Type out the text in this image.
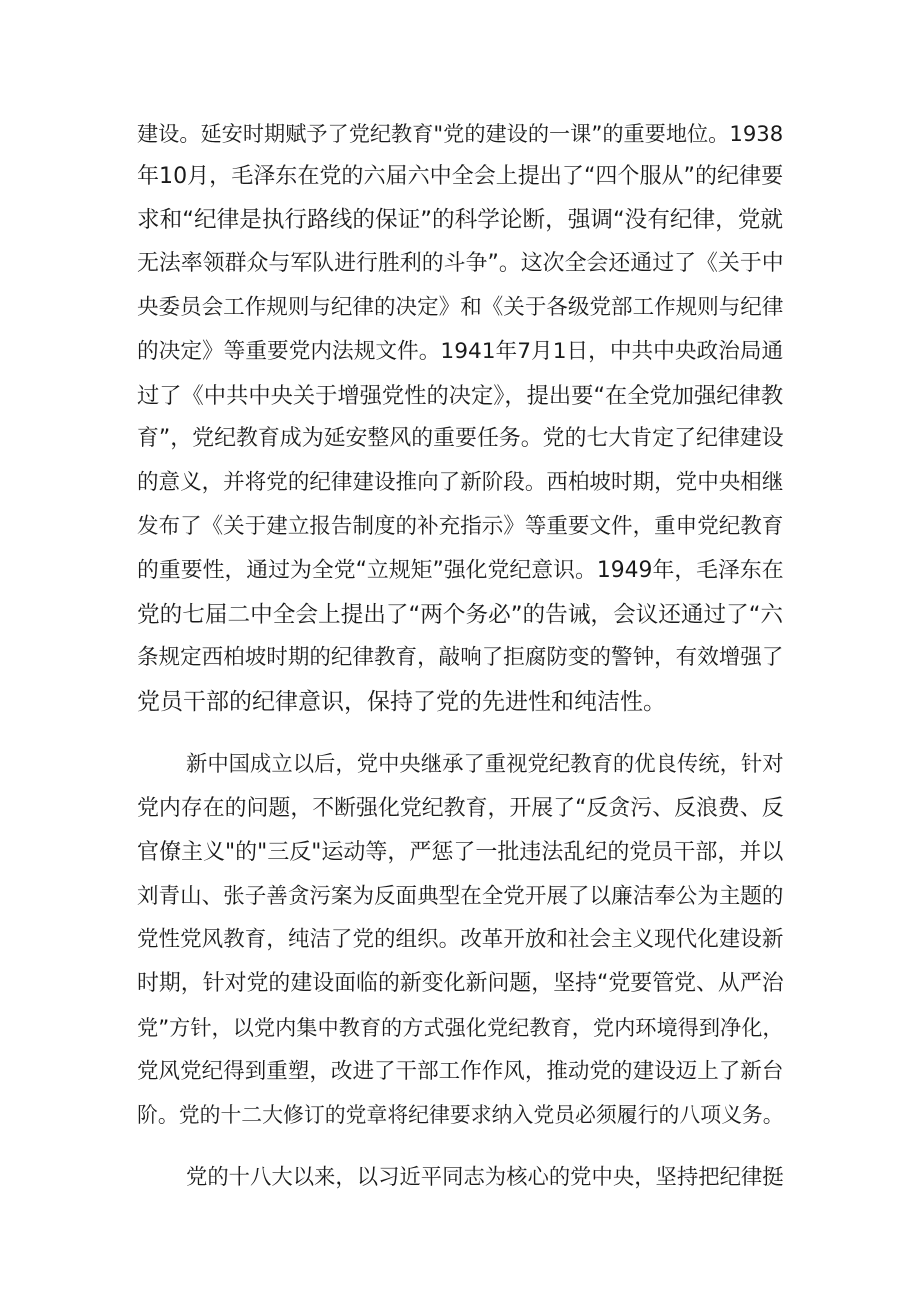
建设。延安时期赋予了党纪教育"党的建设的一课”的重要地位。1938
年10月，毛泽东在党的六届六中全会上提出了“四个服从”的纪律要
求和“纪律是执行路线的保证”的科学论断，强调“没有纪律，党就
无法率领群众与军队进行胜利的斗争”。这次全会还通过了《关于中
央委员会工作规则与纪律的决定》和《关于各级党部工作规则与纪律
的决定》等重要党内法规文件。1941年7月1日，中共中央政治局通
过了《中共中央关于增强党性的决定》，提出要“在全党加强纪律教
育”，党纪教育成为延安整风的重要任务。党的七大肯定了纪律建设
的意义，并将党的纪律建设推向了新阶段。西柏坡时期，党中央相继
发布了《关于建立报告制度的补充指示》等重要文件，重申党纪教育
的重要性，通过为全党“立规矩”强化党纪意识。1949年，毛泽东在
党的七届二中全会上提出了“两个务必”的告诫，会议还通过了“六
条规定西柏坡时期的纪律教育，敲响了拒腐防变的警钟，有效增强了
党员干部的纪律意识，保持了党的先进性和纯洁性。
新中国成立以后，党中央继承了重视党纪教育的优良传统，针对
党内存在的问题，不断强化党纪教育，开展了“反贪污、反浪费、反
官僚主义"的"三反"运动等，严惩了一批违法乱纪的党员干部，并以
刘青山、张子善贪污案为反面典型在全党开展了以廉洁奉公为主题的
党性党风教育，纯洁了党的组织。改革开放和社会主义现代化建设新
时期，针对党的建设面临的新变化新问题，坚持“党要管党、从严治
党”方针，以党内集中教育的方式强化党纪教育，党内环境得到净化，
党风党纪得到重塑，改进了干部工作作风，推动党的建设迈上了新台
阶。党的十二大修订的党章将纪律要求纳入党员必须履行的八项义务。
党的十八大以来，以习近平同志为核心的党中央，坚持把纪律挺
